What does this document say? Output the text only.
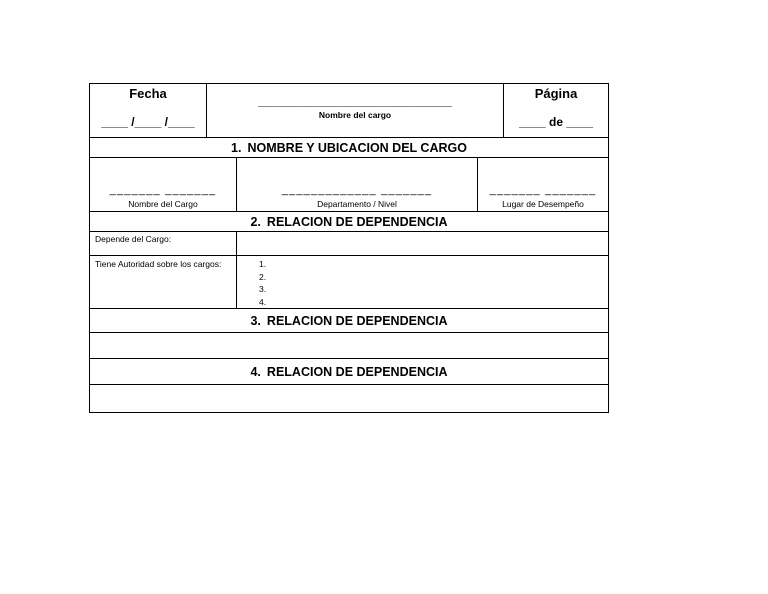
Fecha
____ /____ /____
_____________________________
Nombre del cargo
Página
____ de ____
1. NOMBRE Y UBICACION DEL CARGO
_______ _______
Nombre del Cargo
_____________ _______
Departamento / Nivel
_______ _______
Lugar de Desempeño
2. RELACION DE DEPENDENCIA
Depende del Cargo:
Tiene Autoridad sobre los cargos:	1.
2.
3.
4.
3. RELACION DE DEPENDENCIA
4. RELACION DE DEPENDENCIA
